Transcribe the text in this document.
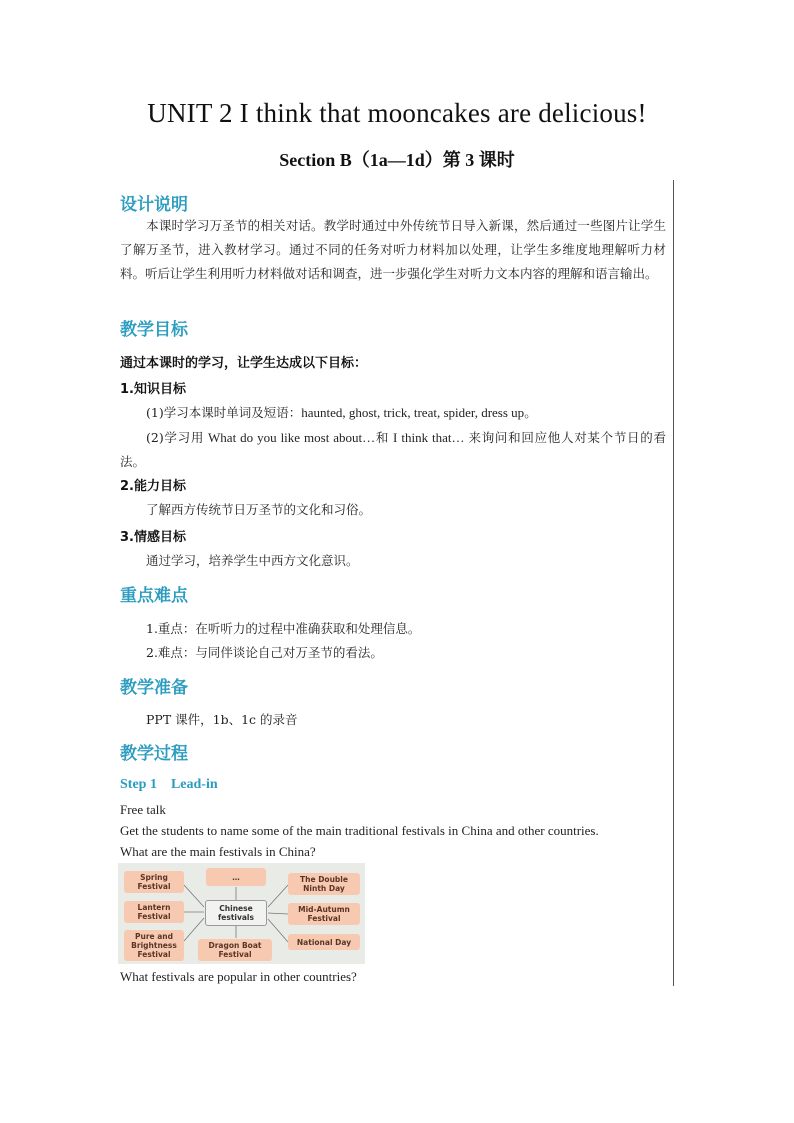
UNIT 2 I think that mooncakes are delicious!
Section B（1a—1d）第 3 课时
设计说明

本课时学习万圣节的相关对话。教学时通过中外传统节日导入新课，然后通过一些图片让学生了解万圣节，进入教材学习。通过不同的任务对听力材料加以处理，让学生多维度地理解听力材料。听后让学生利用听力材料做对话和调查，进一步强化学生对听力文本内容的理解和语言输出。

教学目标

通过本课时的学习，让学生达成以下目标：

1.知识目标

(1)学习本课时单词及短语：haunted, ghost, trick, treat, spider, dress up。

(2)学习用 What do you like most about…和 I think that… 来询问和回应他人对某个节日的看法。

2.能力目标

了解西方传统节日万圣节的文化和习俗。

3.情感目标

通过学习，培养学生中西方文化意识。

重点难点

1.重点：在听听力的过程中准确获取和处理信息。

2.难点：与同伴谈论自己对万圣节的看法。

教学准备

PPT 课件，1b、1c 的录音

教学过程

Step 1 Lead-in

Free talk

Get the students to name some of the main traditional festivals in China and other countries.

What are the main festivals in China?

Spring
Festival
Lantern
Festival
Pure and
Brightness
Festival
…
Chinese
festivals
Dragon Boat
Festival
The Double
Ninth Day
Mid-Autumn
Festival
National Day

What festivals are popular in other countries?
